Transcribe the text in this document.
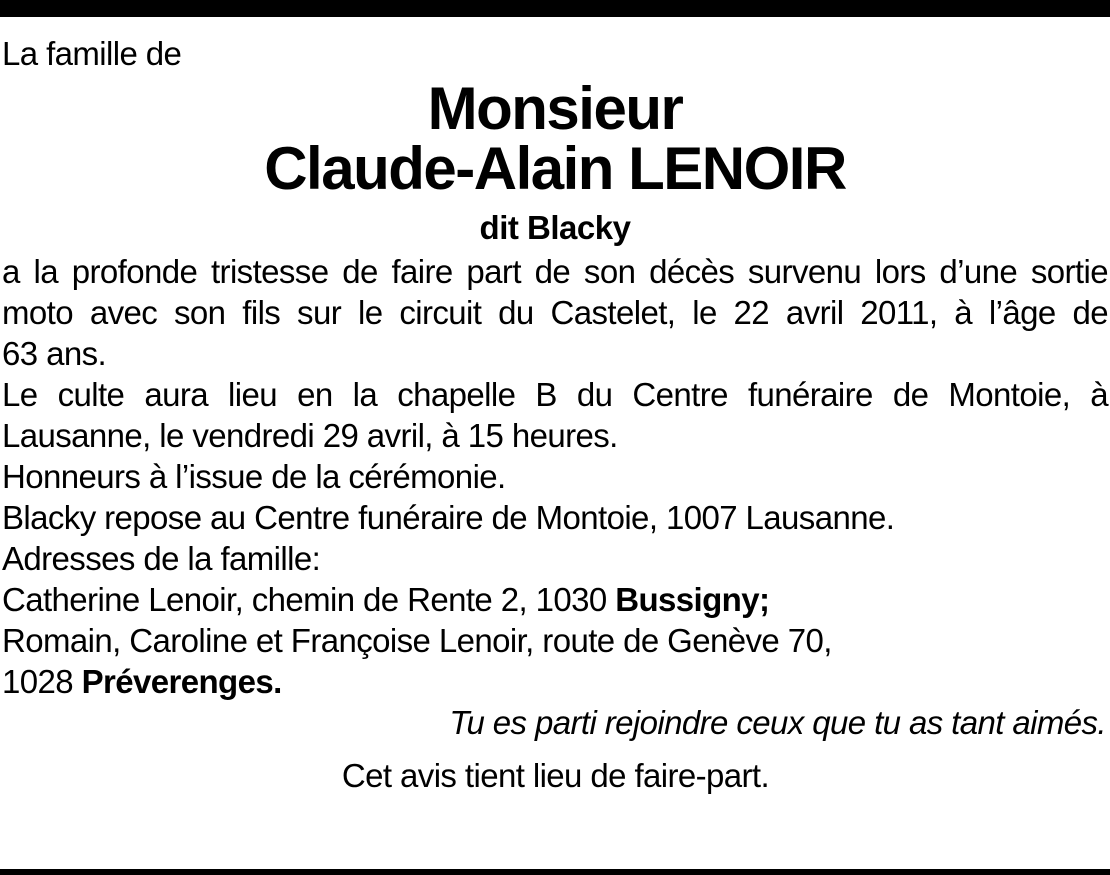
La famille de
Monsieur
Claude-Alain LENOIR
dit Blacky
a la profonde tristesse de faire part de son décès survenu lors d’une sortie
moto avec son fils sur le circuit du Castelet, le 22 avril 2011, à l’âge de
63 ans.
Le culte aura lieu en la chapelle B du Centre funéraire de Montoie, à
Lausanne, le vendredi 29 avril, à 15 heures.
Honneurs à l’issue de la cérémonie.
Blacky repose au Centre funéraire de Montoie, 1007 Lausanne.
Adresses de la famille:
Catherine Lenoir, chemin de Rente 2, 1030 Bussigny;
Romain, Caroline et Françoise Lenoir, route de Genève 70,
1028 Préverenges.
Tu es parti rejoindre ceux que tu as tant aimés.
Cet avis tient lieu de faire-part.
